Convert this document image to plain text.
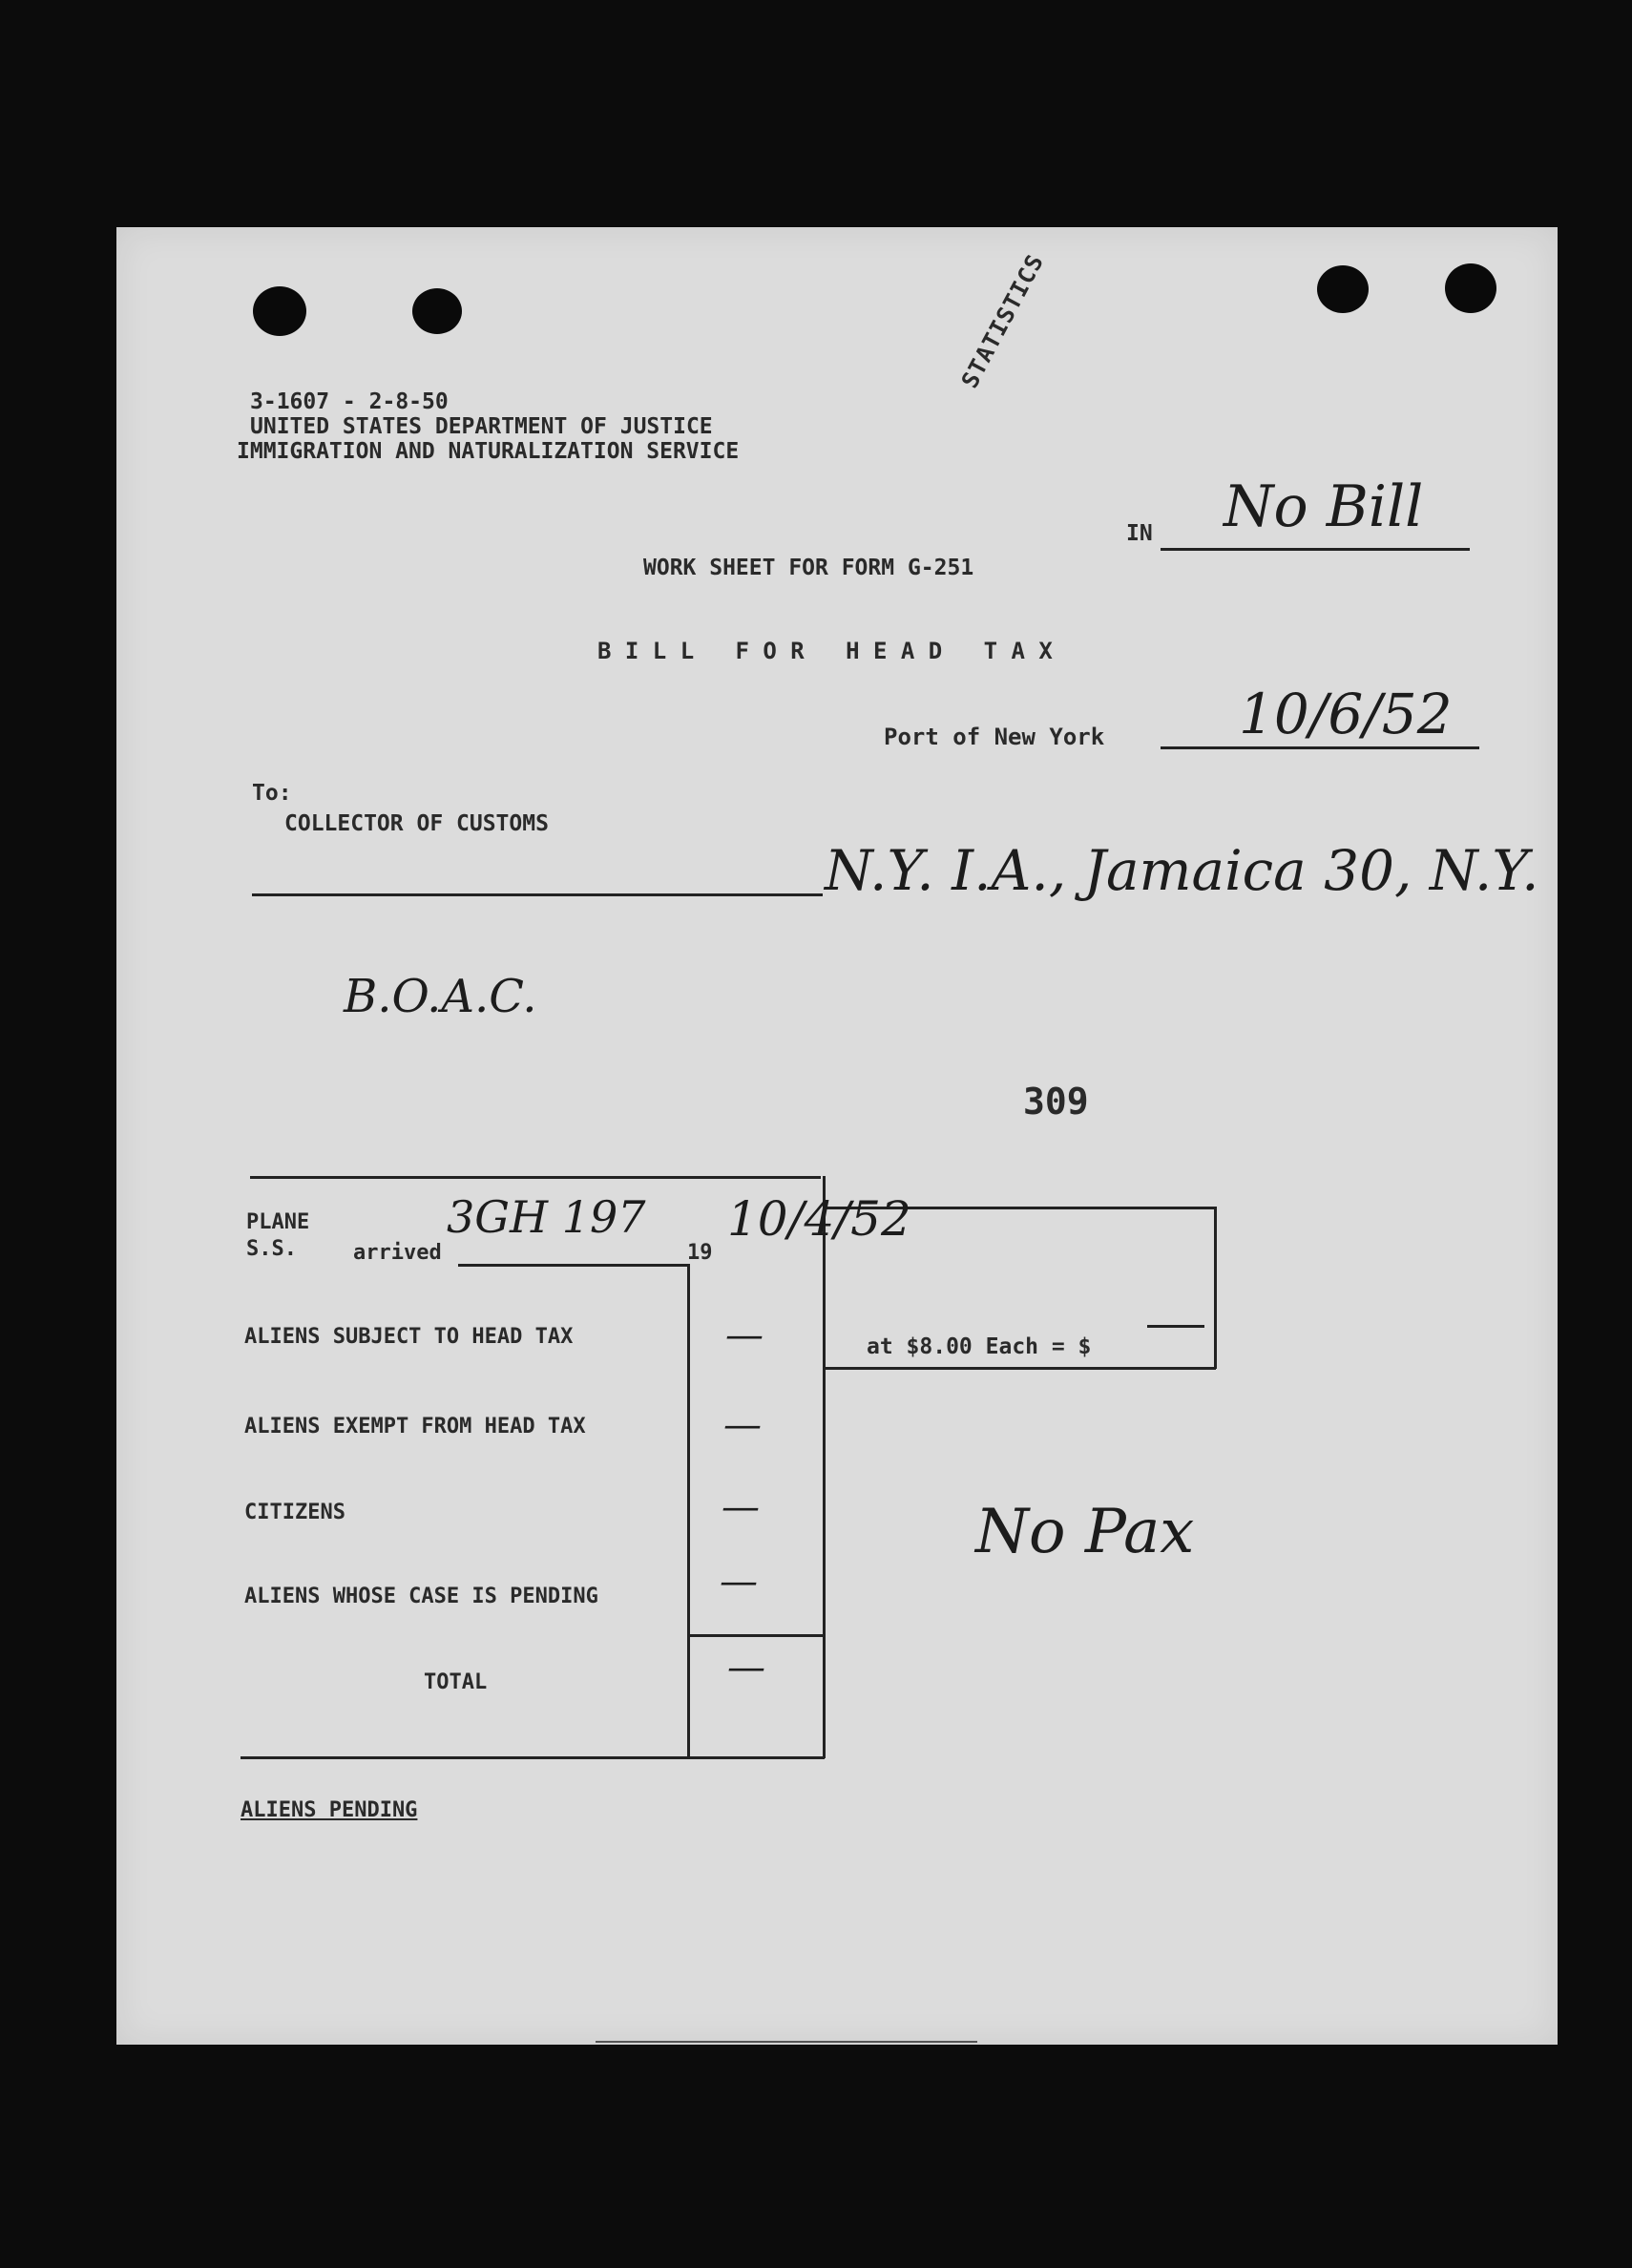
3-1607 - 2-8-50
UNITED STATES DEPARTMENT OF JUSTICE
IMMIGRATION AND NATURALIZATION SERVICE
STATISTICS
IN No Bill
WORK SHEET FOR FORM G-251
B I L L   F O R   H E A D   T A X
Port of New York 10/6/52
To:
COLLECTOR OF CUSTOMS
N.Y. I.A., Jamaica 30, N.Y.
B.O.A.C.
309
at $8.00 Each = $
PLANE
S.S.	arrived
3GH 197
19
10/4/52
ALIENS SUBJECT TO HEAD TAX
ALIENS EXEMPT FROM HEAD TAX
CITIZENS
ALIENS WHOSE CASE IS PENDING
TOTAL
—
—
—
—
—
No Pax
ALIENS PENDING
